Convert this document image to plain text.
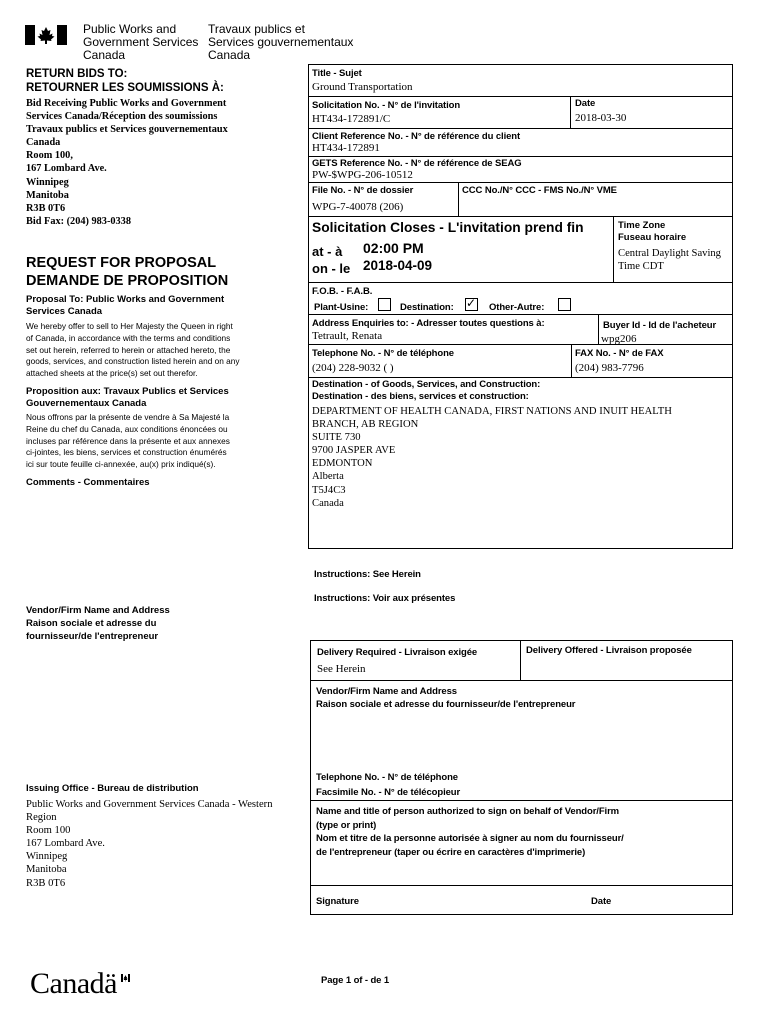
Public Works and
Government Services
Canada
Travaux publics et
Services gouvernementaux
Canada
RETURN BIDS TO:
RETOURNER LES SOUMISSIONS À:
Bid Receiving Public Works and Government
Services Canada/Réception des soumissions
Travaux publics et Services gouvernementaux
Canada
Room 100,
167 Lombard Ave.
Winnipeg
Manitoba
R3B 0T6
Bid Fax: (204) 983-0338
REQUEST FOR PROPOSAL
DEMANDE DE PROPOSITION
Proposal To: Public Works and Government
Services Canada
We hereby offer to sell to Her Majesty the Queen in right
of Canada, in accordance with the terms and conditions
set out herein, referred to herein or attached hereto, the
goods, services, and construction listed herein and on any
attached sheets at the price(s) set out therefor.
Proposition aux: Travaux Publics et Services
Gouvernementaux Canada
Nous offrons par la présente de vendre à Sa Majesté la
Reine du chef du Canada, aux conditions énoncées ou
incluses par référence dans la présente et aux annexes
ci-jointes, les biens, services et construction énumérés
ici sur toute feuille ci-annexée, au(x) prix indiqué(s).
Comments - Commentaires
Vendor/Firm Name and Address
Raison sociale et adresse du
fournisseur/de l'entrepreneur
Issuing Office - Bureau de distribution
Public Works and Government Services Canada - Western
Region
Room 100
167 Lombard Ave.
Winnipeg
Manitoba
R3B 0T6
Title - Sujet
Ground Transportation
Solicitation No. - N° de l'invitation
HT434-172891/C
Date
2018-03-30
Client Reference No. - N° de référence du client
HT434-172891
GETS Reference No. - N° de référence de SEAG
PW-$WPG-206-10512
File No. - N° de dossier
WPG-7-40078 (206)
CCC No./N° CCC - FMS No./N° VME
Solicitation Closes - L'invitation prend fin
at - à 02:00 PM
on - le 2018-04-09
Time Zone
Fuseau horaire
Central Daylight Saving
Time CDT
F.O.B. - F.A.B.
Plant-Usine:	Destination: ✓ Other-Autre:
Address Enquiries to: - Adresser toutes questions à:
Tetrault, Renata
Buyer Id - Id de l'acheteur
wpg206
Telephone No. - N° de téléphone
(204) 228-9032 ( )
FAX No. - N° de FAX
(204) 983-7796
Destination - of Goods, Services, and Construction:
Destination - des biens, services et construction:
DEPARTMENT OF HEALTH CANADA, FIRST NATIONS AND INUIT HEALTH
BRANCH, AB REGION
SUITE 730
9700 JASPER AVE
EDMONTON
Alberta
T5J4C3
Canada
Instructions: See Herein
Instructions: Voir aux présentes
Delivery Required - Livraison exigée
See Herein
Delivery Offered - Livraison proposée
Vendor/Firm Name and Address
Raison sociale et adresse du fournisseur/de l'entrepreneur
Telephone No. - N° de téléphone
Facsimile No. - N° de télécopieur
Name and title of person authorized to sign on behalf of Vendor/Firm
(type or print)
Nom et titre de la personne autorisée à signer au nom du fournisseur/
de l'entrepreneur (taper ou écrire en caractères d'imprimerie)
Signature	Date
Canadä	Page 1 of - de 1
